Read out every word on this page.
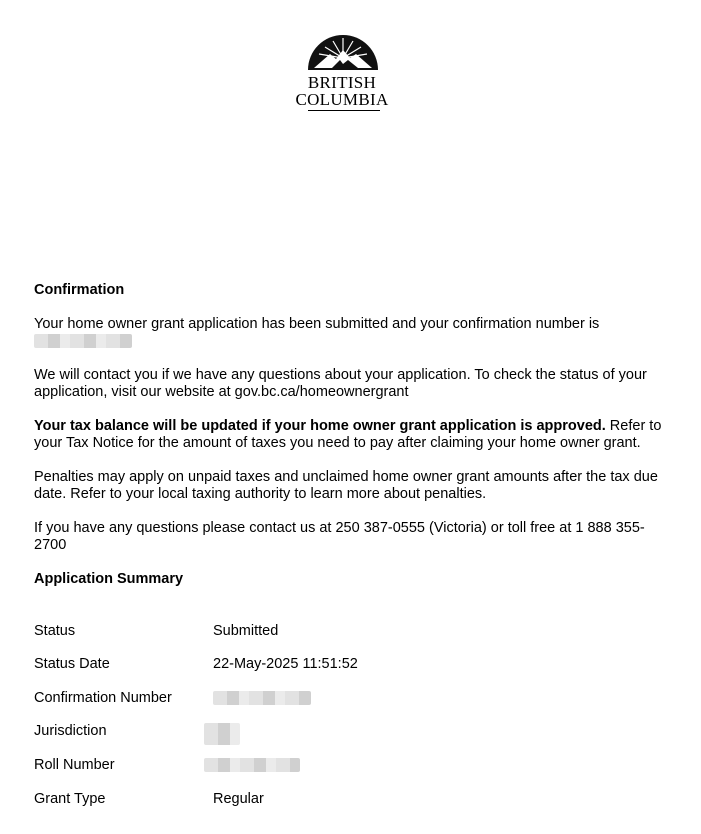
BRITISH
COLUMBIA

Confirmation

Your home owner grant application has been submitted and your confirmation number is

We will contact you if we have any questions about your application. To check the status of your application, visit our website at gov.bc.ca/homeownergrant

Your tax balance will be updated if your home owner grant application is approved. Refer to your Tax Notice for the amount of taxes you need to pay after claiming your home owner grant.

Penalties may apply on unpaid taxes and unclaimed home owner grant amounts after the tax due date. Refer to your local taxing authority to learn more about penalties.

If you have any questions please contact us at 250 387-0555 (Victoria) or toll free at 1 888 355-2700

Application Summary

Status	Submitted
Status Date	22-May-2025 11:51:52
Confirmation Number
Jurisdiction
Roll Number
Grant Type	Regular
